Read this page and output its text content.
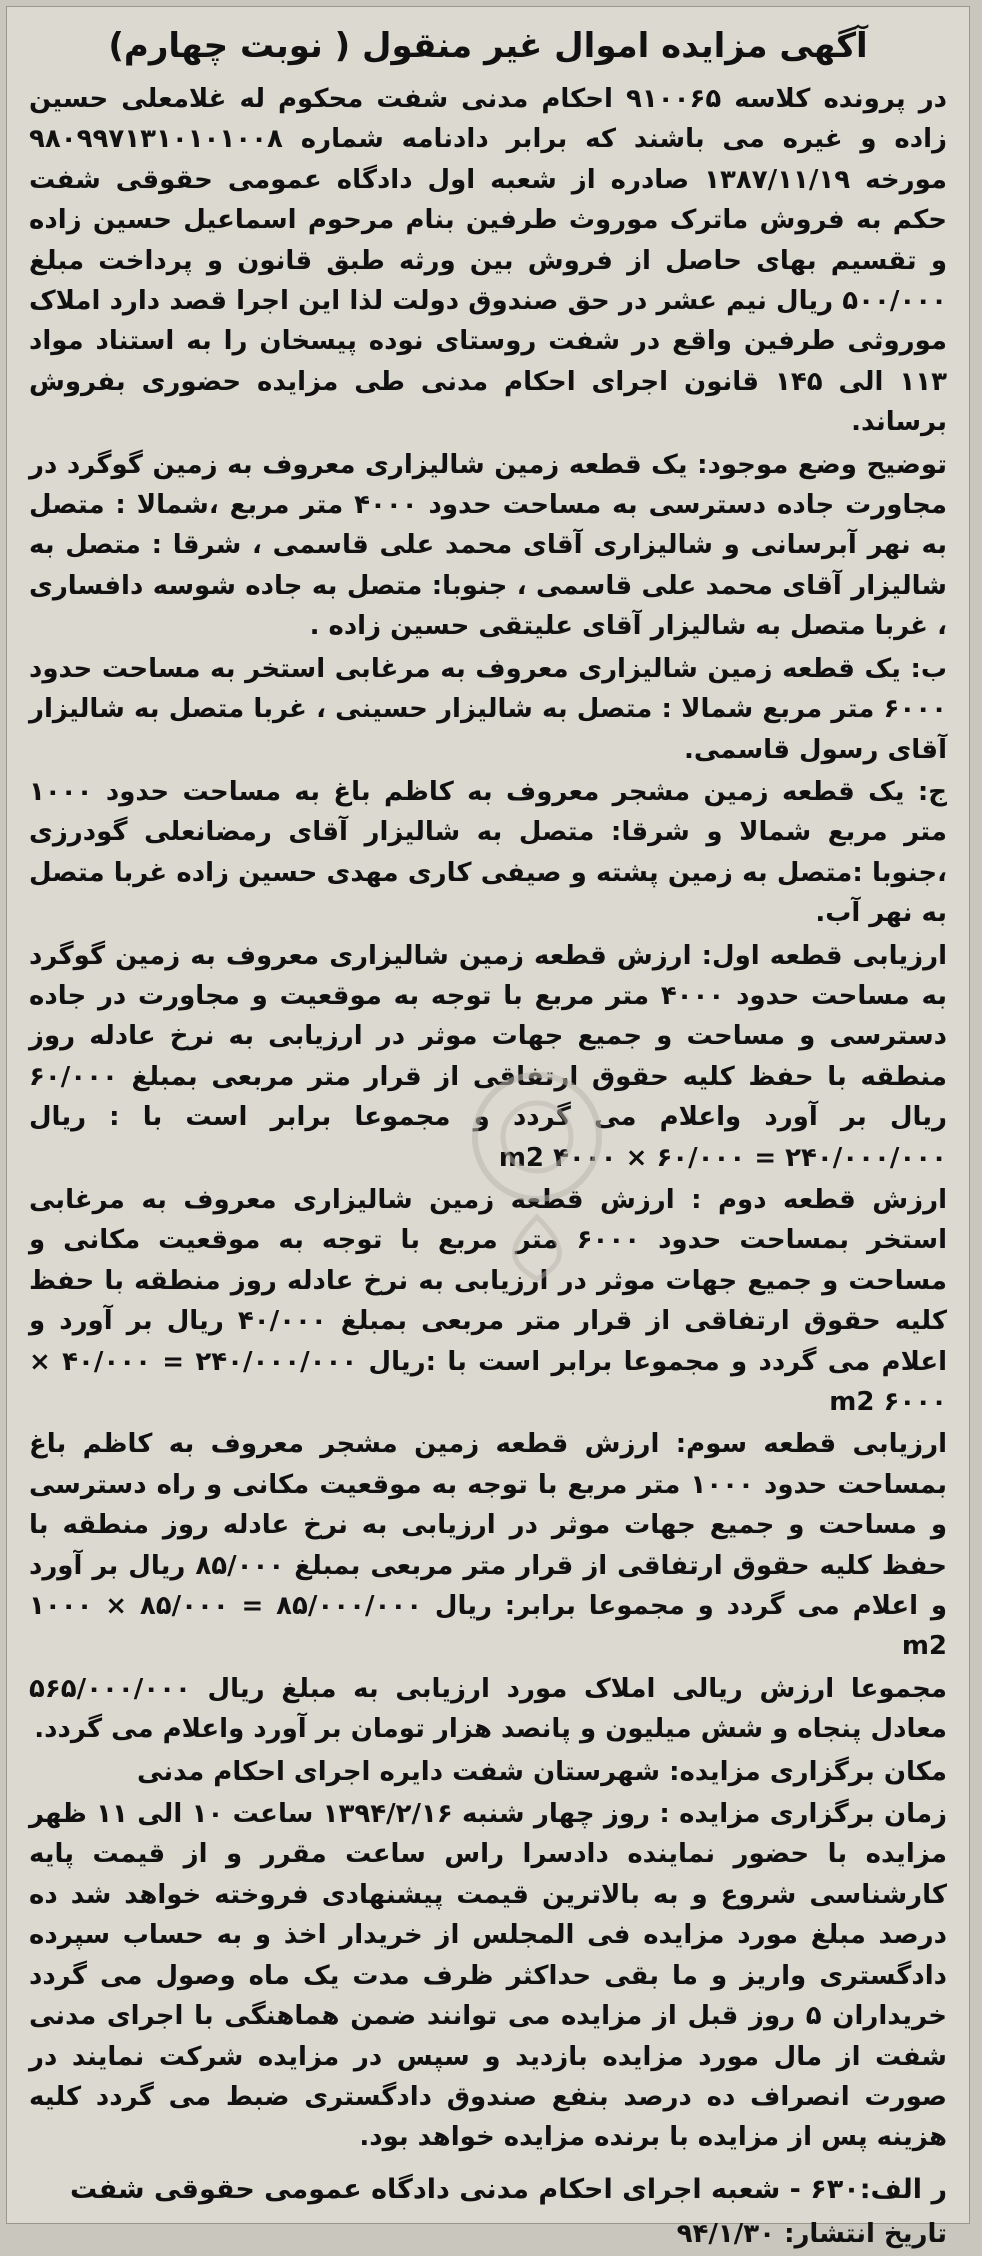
آگهی مزایده اموال غیر منقول ( نوبت چهارم)

در پرونده کلاسه ۹۱۰۰۶۵ احکام مدنی شفت محکوم له غلامعلی حسین زاده و غیره می باشند که برابر دادنامه شماره ۹۸۰۹۹۷۱۳۱۰۱۰۱۰۰۸ مورخه ۱۳۸۷/۱۱/۱۹ صادره از شعبه اول دادگاه عمومی حقوقی شفت حکم به فروش ماترک موروث طرفین بنام مرحوم اسماعیل حسین زاده و تقسیم بهای حاصل از فروش بین ورثه طبق قانون و پرداخت مبلغ ۵۰۰/۰۰۰ ریال نیم عشر در حق صندوق دولت لذا این اجرا قصد دارد املاک موروثی طرفین واقع در شفت روستای نوده پیسخان را به استناد مواد ۱۱۳ الی ۱۴۵ قانون اجرای احکام مدنی طی مزایده حضوری بفروش برساند.

توضیح وضع موجود: یک قطعه زمین شالیزاری معروف به زمین گوگرد در مجاورت جاده دسترسی به مساحت حدود ۴۰۰۰ متر مربع ،شمالا : متصل به نهر آبرسانی و شالیزاری آقای محمد علی قاسمی ، شرقا : متصل به شالیزار آقای محمد علی قاسمی ، جنوبا: متصل به جاده شوسه دافساری ، غربا متصل به شالیزار آقای علیتقی حسین زاده .

ب: یک قطعه زمین شالیزاری معروف به مرغابی استخر به مساحت حدود ۶۰۰۰ متر مربع شمالا : متصل به شالیزار حسینی ، غربا متصل به شالیزار آقای رسول قاسمی.

ج: یک قطعه زمین مشجر معروف به کاظم باغ به مساحت حدود ۱۰۰۰ متر مربع شمالا و شرقا: متصل به شالیزار آقای رمضانعلی گودرزی ،جنوبا :متصل به زمین پشته و صیفی کاری مهدی حسین زاده غربا متصل به نهر آب.

ارزیابی قطعه اول: ارزش قطعه زمین شالیزاری معروف به زمین گوگرد به مساحت حدود ۴۰۰۰ متر مربع با توجه به موقعیت و مجاورت در جاده دسترسی و مساحت و جمیع جهات موثر در ارزیابی به نرخ عادله روز منطقه با حفظ کلیه حقوق ارتفاقی از قرار متر مربعی بمبلغ ۶۰/۰۰۰ ریال بر آورد واعلام می گردد و مجموعا برابر است با : ریال ۲۴۰/۰۰۰/۰۰۰ = ۶۰/۰۰۰ × m2 ۴۰۰۰

ارزش قطعه دوم : ارزش قطعه زمین شالیزاری معروف به مرغابی استخر بمساحت حدود ۶۰۰۰ متر مربع با توجه به موقعیت مکانی و مساحت و جمیع جهات موثر در ارزیابی به نرخ عادله روز منطقه با حفظ کلیه حقوق ارتفاقی از قرار متر مربعی بمبلغ ۴۰/۰۰۰ ریال بر آورد و اعلام می گردد و مجموعا برابر است با :ریال ۲۴۰/۰۰۰/۰۰۰ = ۴۰/۰۰۰ × ۶۰۰۰ m2

ارزیابی قطعه سوم: ارزش قطعه زمین مشجر معروف به کاظم باغ بمساحت حدود ۱۰۰۰ متر مربع با توجه به موقعیت مکانی و راه دسترسی و مساحت و جمیع جهات موثر در ارزیابی به نرخ عادله روز منطقه با حفظ کلیه حقوق ارتفاقی از قرار متر مربعی بمبلغ ۸۵/۰۰۰ ریال بر آورد و اعلام می گردد و مجموعا برابر: ریال ۸۵/۰۰۰/۰۰۰ = ۸۵/۰۰۰ × ۱۰۰۰ m2

مجموعا ارزش ریالی املاک مورد ارزیابی به مبلغ ریال ۵۶۵/۰۰۰/۰۰۰ معادل پنجاه و شش میلیون و پانصد هزار تومان بر آورد واعلام می گردد.

مکان برگزاری مزایده: شهرستان شفت دایره اجرای احکام مدنی

زمان برگزاری مزایده : روز چهار شنبه ۱۳۹۴/۲/۱۶ ساعت ۱۰ الی ۱۱ ظهر مزایده با حضور نماینده دادسرا راس ساعت مقرر و از قیمت پایه کارشناسی شروع و به بالاترین قیمت پیشنهادی فروخته خواهد شد ده درصد مبلغ مورد مزایده فی المجلس از خریدار اخذ و به حساب سپرده دادگستری واریز و ما بقی حداکثر ظرف مدت یک ماه وصول می گردد خریداران ۵ روز قبل از مزایده می توانند ضمن هماهنگی با اجرای مدنی شفت از مال مورد مزایده بازدید و سپس در مزایده شرکت نمایند در صورت انصراف ده درصد بنفع صندوق دادگستری ضبط می گردد کلیه هزینه پس از مزایده با برنده مزایده خواهد بود.

ر الف:۶۳۰ - شعبه اجرای احکام مدنی دادگاه عمومی حقوقی شفت
تاریخ انتشار: ۹۴/۱/۳۰
